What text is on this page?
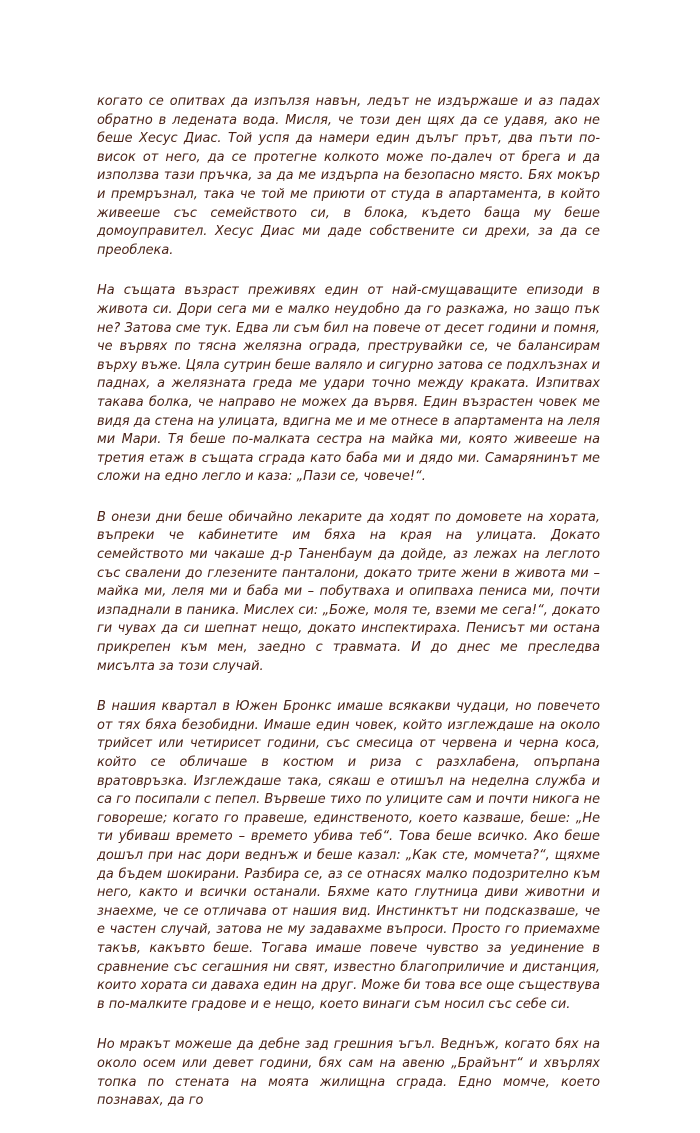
когато се опитвах да изпълзя навън, ледът не издържаше и аз падах обратно в ледената вода. Мисля, че този ден щях да се удавя, ако не беше Хесус Диас. Той успя да намери един дълъг прът, два пъти по-висок от него, да се протегне колкото може по-далеч от брега и да използва тази пръчка, за да ме издърпа на безопасно място. Бях мокър и премръзнал, така че той ме приюти от студа в апартамента, в който живееше със семейството си, в блока, където баща му беше домоуправител. Хесус Диас ми даде собствените си дрехи, за да се преоблека.

На същата възраст преживях един от най-смущаващите епизоди в живота си. Дори сега ми е малко неудобно да го разкажа, но защо пък не? Затова сме тук. Едва ли съм бил на повече от десет години и помня, че вървях по тясна желязна ограда, преструвайки се, че балансирам върху въже. Цяла сутрин беше валяло и сигурно затова се подхлъзнах и паднах, а желязната греда ме удари точно между краката. Изпитвах такава болка, че направо не можех да вървя. Един възрастен човек ме видя да стена на улицата, вдигна ме и ме отнесе в апартамента на леля ми Мари. Тя беше по-малката сестра на майка ми, която живееше на третия етаж в същата сграда като баба ми и дядо ми. Самарянинът ме сложи на едно легло и каза: „Пази се, човече!“.

В онези дни беше обичайно лекарите да ходят по домовете на хората, въпреки че кабинетите им бяха на края на улицата. Докато семейството ми чакаше д-р Таненбаум да дойде, аз лежах на леглото със свалени до глезените панталони, докато трите жени в живота ми – майка ми, леля ми и баба ми – побутваха и опипваха пениса ми, почти изпаднали в паника. Мислех си: „Боже, моля те, вземи ме сега!“, докато ги чувах да си шепнат нещо, докато инспектираха. Пенисът ми остана прикрепен към мен, заедно с травмата. И до днес ме преследва мисълта за този случай.

В нашия квартал в Южен Бронкс имаше всякакви чудаци, но повечето от тях бяха безобидни. Имаше един човек, който изглеждаше на около трийсет или четирисет години, със смесица от червена и черна коса, който се обличаше в костюм и риза с разхлабена, опърпана вратовръзка. Изглеждаше така, сякаш е отишъл на неделна служба и са го посипали с пепел. Вървеше тихо по улиците сам и почти никога не говореше; когато го правеше, единственото, което казваше, беше: „Не ти убиваш времето – времето убива теб“. Това беше всичко. Ако беше дошъл при нас дори веднъж и беше казал: „Как сте, момчета?“, щяхме да бъдем шокирани. Разбира се, аз се отнасях малко подозрително към него, както и всички останали. Бяхме като глутница диви животни и знаехме, че се отличава от нашия вид. Инстинктът ни подсказваше, че е частен случай, затова не му задавахме въпроси. Просто го приемахме такъв, какъвто беше. Тогава имаше повече чувство за уединение в сравнение със сегашния ни свят, известно благоприличие и дистанция, които хората си даваха един на друг. Може би това все още съществува в по-малките градове и е нещо, което винаги съм носил със себе си.

Но мракът можеше да дебне зад грешния ъгъл. Веднъж, когато бях на около осем или девет години, бях сам на авеню „Брайънт“ и хвърлях топка по стената на моята жилищна сграда. Едно момче, което познавах, да го
